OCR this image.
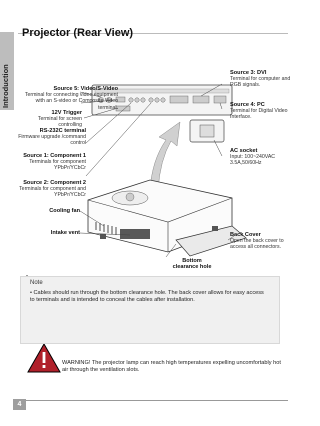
Introduction
Projector (Rear View)
Source 5: Video/S-Video
Terminal for connecting video equipment with an S-video or Composite Video terminal.
12V Trigger
Terminal for screen controlling
RS-232C terminal
Firmware upgrade /command control
Source 1: Component 1
Terminals for component YPbPr/YCbCr
Source 2: Component 2
Terminals for component and YPbPr/YCbCr
Cooling fan
Intake vent
Source 3: DVI
Terminal for computer and RGB signals.
Source 4: PC
Terminal for Digital Video Interface.
AC socket
Input: 100~240VAC 3.5A,50/60Hz
Back Cover
Open the back cover to access all connectors.
Bottom clearance hole
Note
• Cables should run through the bottom clearance hole. The back cover allows for easy access to terminals and is intended to conceal the cables after installation.
WARNING! The projector lamp can reach high temperatures expelling uncomfortably hot air through the ventilation slots.
4
